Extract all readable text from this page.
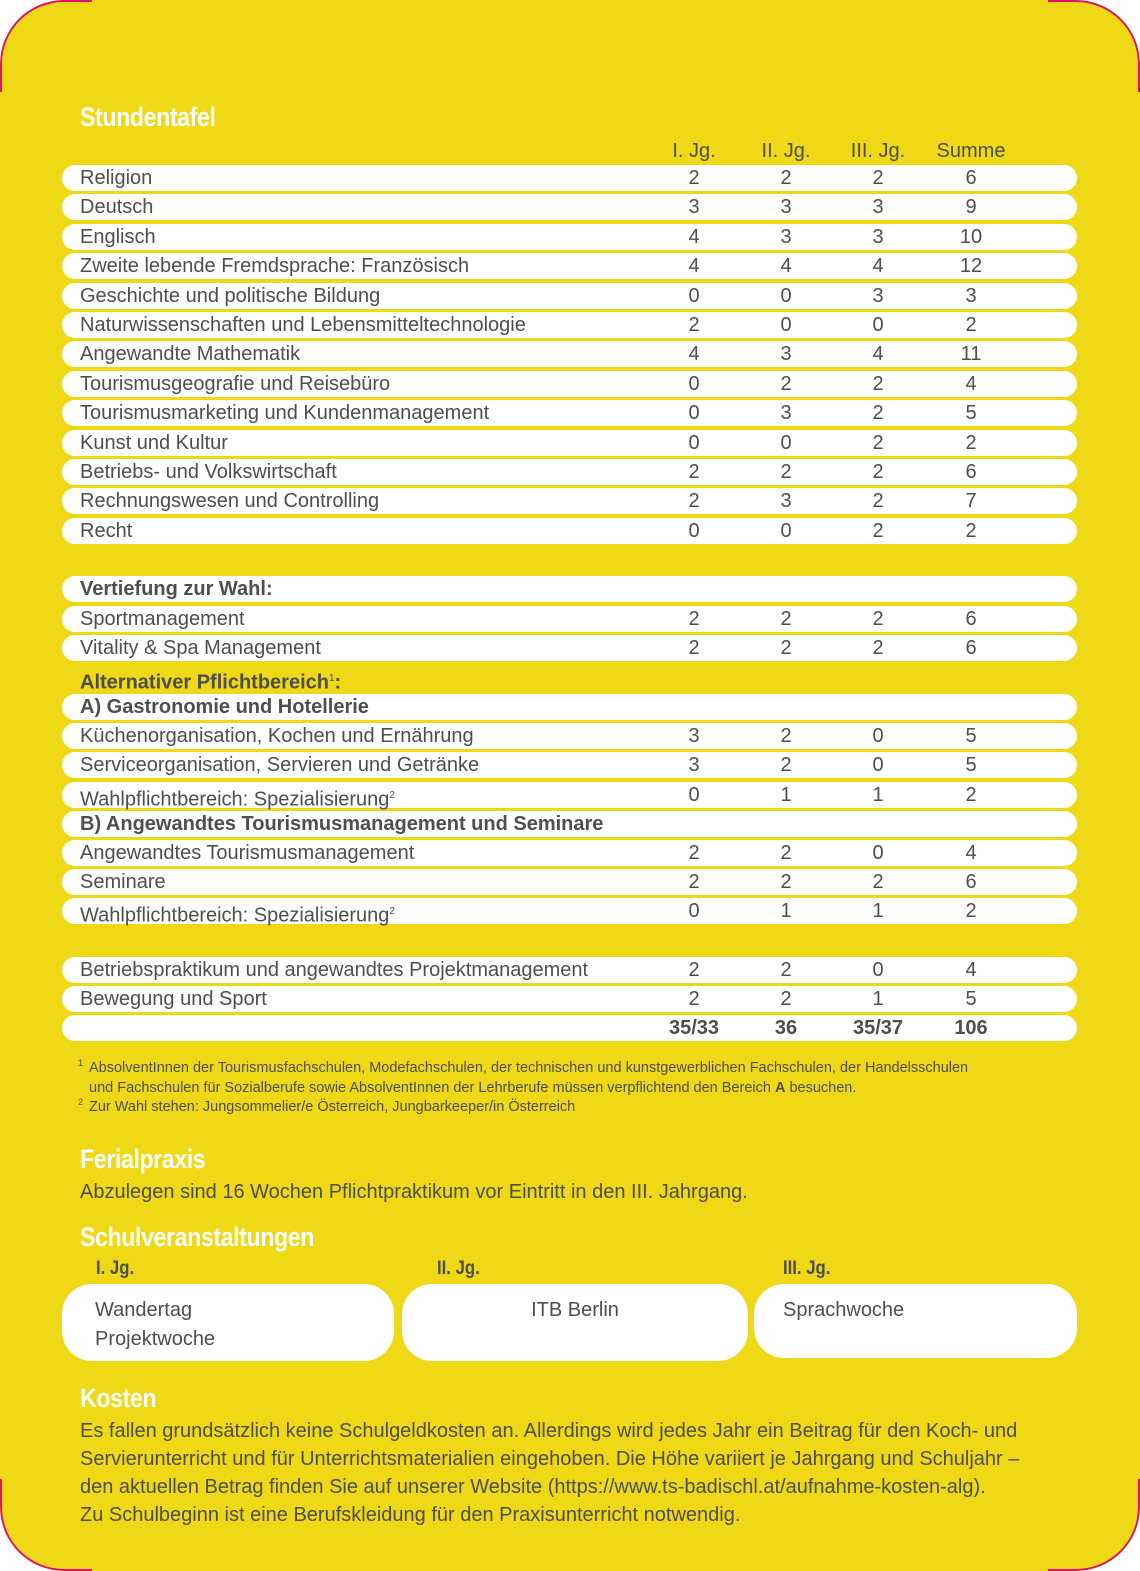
Stundentafel
I. Jg.	II. Jg.	III. Jg.	Summe
Religion	2	2	2	6
Deutsch	3	3	3	9
Englisch	4	3	3	10
Zweite lebende Fremdsprache: Französisch	4	4	4	12
Geschichte und politische Bildung	0	0	3	3
Naturwissenschaften und Lebensmitteltechnologie	2	0	0	2
Angewandte Mathematik	4	3	4	11
Tourismusgeografie und Reisebüro	0	2	2	4
Tourismusmarketing und Kundenmanagement	0	3	2	5
Kunst und Kultur	0	0	2	2
Betriebs- und Volkswirtschaft	2	2	2	6
Rechnungswesen und Controlling	2	3	2	7
Recht	0	0	2	2
Vertiefung zur Wahl:
Sportmanagement	2	2	2	6
Vitality & Spa Management	2	2	2	6
Alternativer Pflichtbereich$^1$:
A) Gastronomie und Hotellerie
Küchenorganisation, Kochen und Ernährung	3	2	0	5
Serviceorganisation, Servieren und Getränke	3	2	0	5
Wahlpflichtbereich: Spezialisierung$^2$	0	1	1	2
B) Angewandtes Tourismusmanagement und Seminare
Angewandtes Tourismusmanagement	2	2	0	4
Seminare	2	2	2	6
Wahlpflichtbereich: Spezialisierung$^2$	0	1	1	2
Betriebspraktikum und angewandtes Projektmanagement	2	2	0	4
Bewegung und Sport	2	2	1	5
35/33	36	35/37	106
1 AbsolventInnen der Tourismusfachschulen, Modefachschulen, der technischen und kunstgewerblichen Fachschulen, der Handelsschulen
und Fachschulen für Sozialberufe sowie AbsolventInnen der Lehrberufe müssen verpflichtend den Bereich A besuchen.
2 Zur Wahl stehen: Jungsommelier/e Österreich, Jungbarkeeper/in Österreich
Ferialpraxis
Abzulegen sind 16 Wochen Pflichtpraktikum vor Eintritt in den III. Jahrgang.
Schulveranstaltungen
I. Jg.	II. Jg.	III. Jg.
Wandertag
Projektwoche
ITB Berlin	Sprachwoche
Kosten
Es fallen grundsätzlich keine Schulgeldkosten an. Allerdings wird jedes Jahr ein Beitrag für den Koch- und
Servierunterricht und für Unterrichtsmaterialien eingehoben. Die Höhe variiert je Jahrgang und Schuljahr –
den aktuellen Betrag finden Sie auf unserer Website (https://www.ts-badischl.at/aufnahme-kosten-alg).
Zu Schulbeginn ist eine Berufskleidung für den Praxisunterricht notwendig.
